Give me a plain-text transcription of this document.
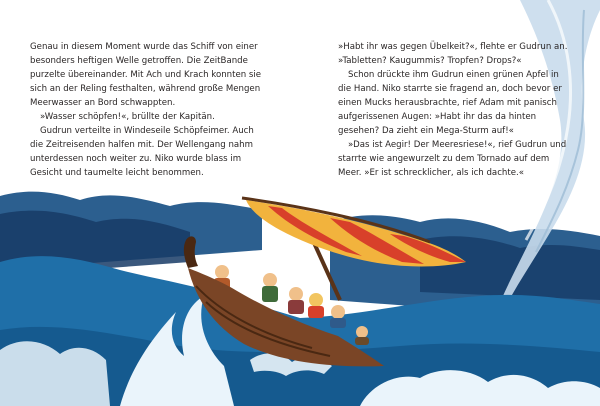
Genau in diesem Moment wurde das Schiff von einer besonders heftigen Welle getroffen. Die ZeitBande purzelte übereinander. Mit Ach und Krach konnten sie sich an der Reling festhalten, während große Mengen Meerwasser an Bord schwappten.

»Wasser schöpfen!«, brüllte der Kapitän.

Gudrun verteilte in Windeseile Schöpfeimer. Auch die Zeitreisenden halfen mit. Der Wellengang nahm unterdessen noch weiter zu. Niko wurde blass im Gesicht und taumelte leicht benommen.

»Habt ihr was gegen Übelkeit?«, flehte er Gudrun an. »Tabletten? Kaugummis? Tropfen? Drops?«

Schon drückte ihm Gudrun einen grünen Apfel in die Hand. Niko starrte sie fragend an, doch bevor er einen Mucks herausbrachte, rief Adam mit panisch aufgerissenen Augen: »Habt ihr das da hinten gesehen? Da zieht ein Mega-Sturm auf!«

»Das ist Aegir! Der Meeresriese!«, rief Gudrun und starrte wie angewurzelt zu dem Tornado auf dem Meer. »Er ist schrecklicher, als ich dachte.«
